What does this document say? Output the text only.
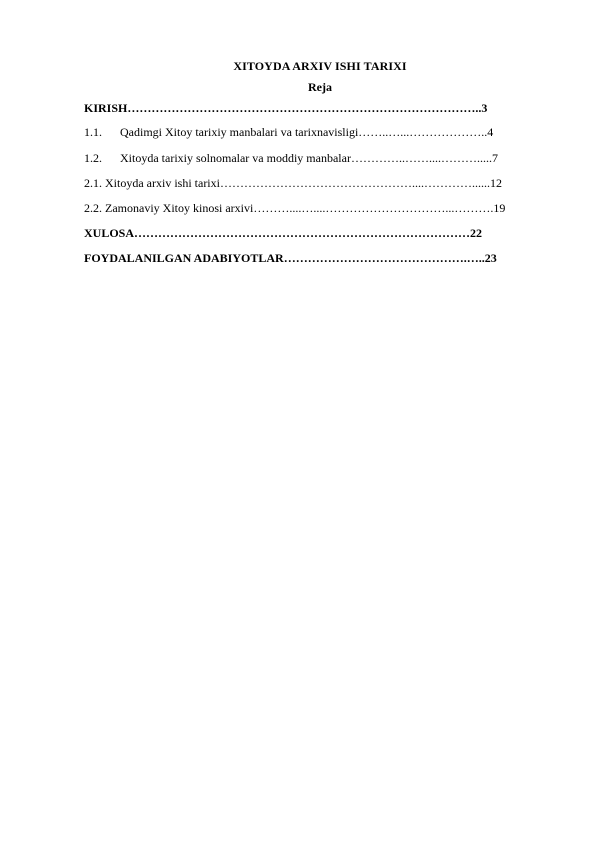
XITOYDA ARXIV ISHI TARIXI
Reja
KIRISH……………………………………………………………………………..3
1.1. Qadimgi Xitoy tarixiy manbalari va tarixnavisligi……..…...………………..4
1.2. Xitoyda tarixiy solnomalar va moddiy manbalar…………..……....……….....7
2.1. Xitoyda arxiv ishi tarixi…………………………………………....…………......12
2.2. Zamonaviy Xitoy kinosi arxivi………....…....…………………………...……….19
XULOSA…………………………………………………………………………22
FOYDALANILGAN ADABIYOTLAR……………………………………….…..23
